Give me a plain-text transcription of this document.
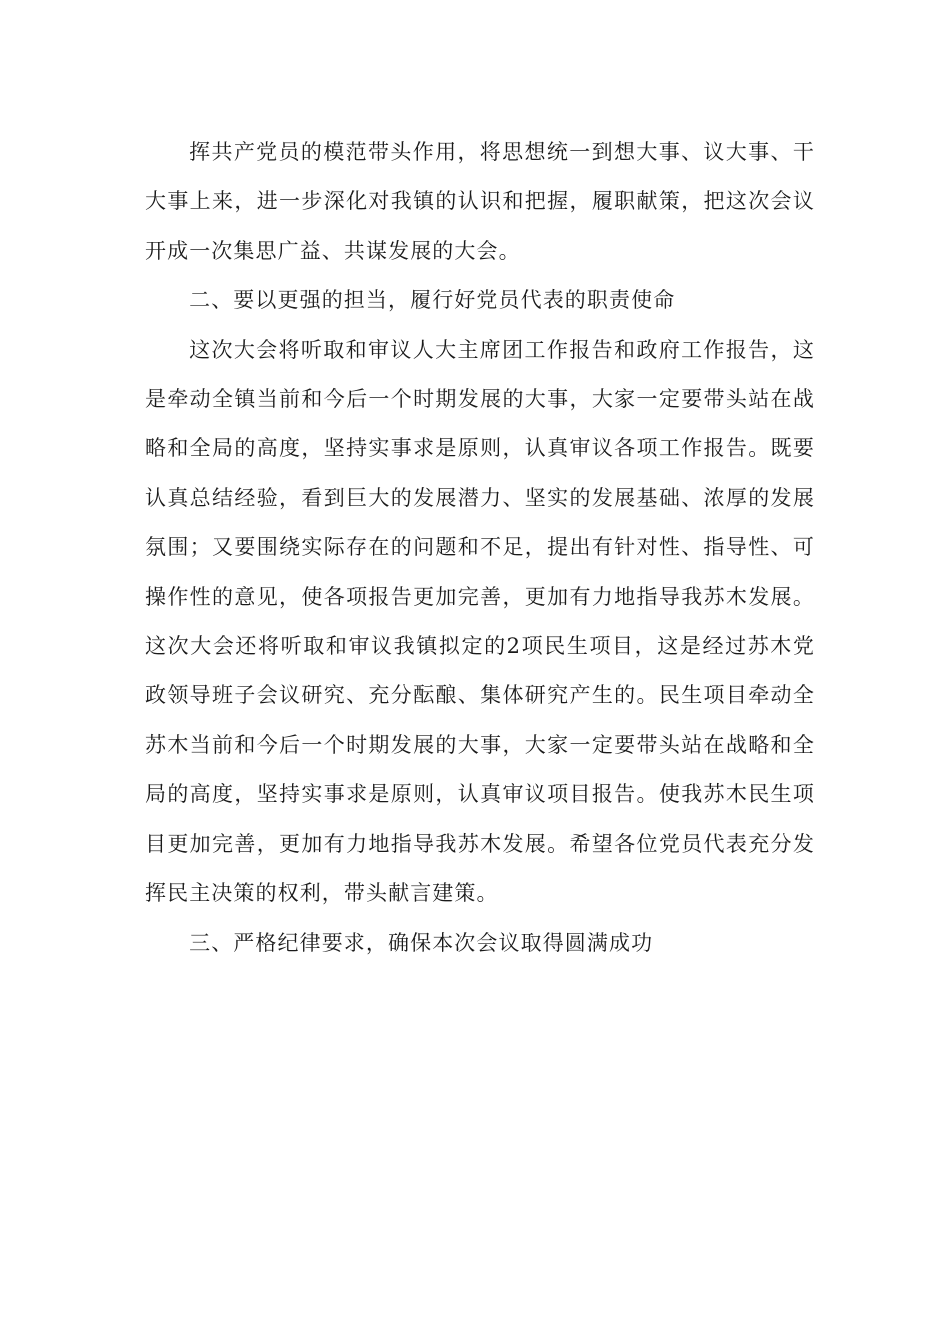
挥共产党员的模范带头作用，将思想统一到想大事、议大事、干大事上来，进一步深化对我镇的认识和把握，履职献策，把这次会议开成一次集思广益、共谋发展的大会。

二、要以更强的担当，履行好党员代表的职责使命

这次大会将听取和审议人大主席团工作报告和政府工作报告，这是牵动全镇当前和今后一个时期发展的大事，大家一定要带头站在战略和全局的高度，坚持实事求是原则，认真审议各项工作报告。既要认真总结经验，看到巨大的发展潜力、坚实的发展基础、浓厚的发展氛围；又要围绕实际存在的问题和不足，提出有针对性、指导性、可操作性的意见，使各项报告更加完善，更加有力地指导我苏木发展。这次大会还将听取和审议我镇拟定的2项民生项目，这是经过苏木党政领导班子会议研究、充分酝酿、集体研究产生的。民生项目牵动全苏木当前和今后一个时期发展的大事，大家一定要带头站在战略和全局的高度，坚持实事求是原则，认真审议项目报告。使我苏木民生项目更加完善，更加有力地指导我苏木发展。希望各位党员代表充分发挥民主决策的权利，带头献言建策。

三、严格纪律要求，确保本次会议取得圆满成功
